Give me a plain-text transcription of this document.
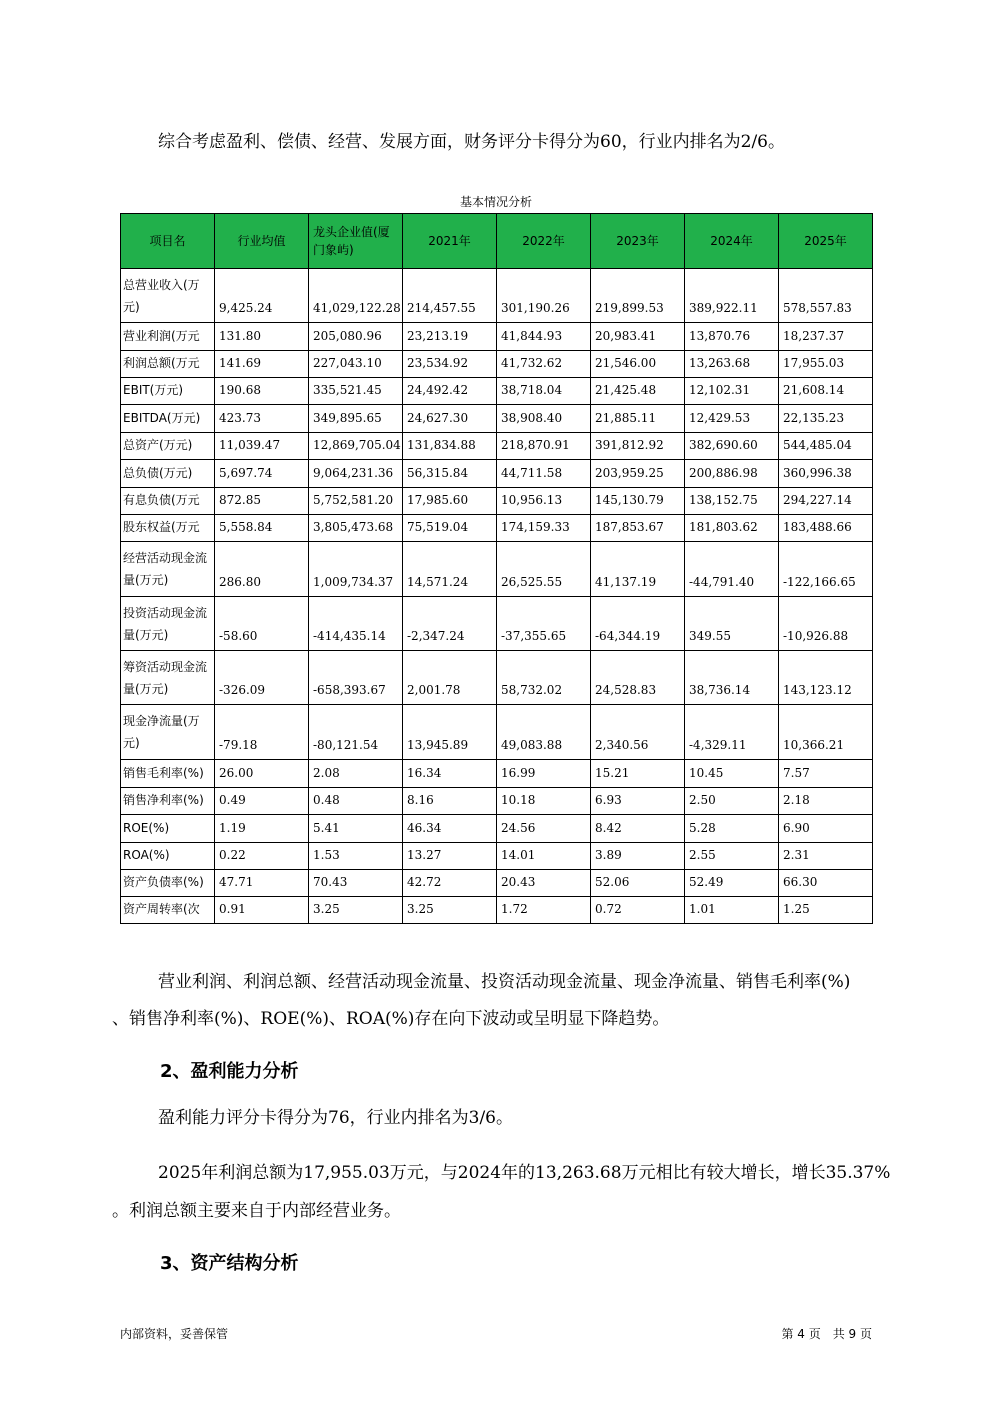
综合考虑盈利、偿债、经营、发展方面，财务评分卡得分为60，行业内排名为2/6。
基本情况分析
项目名	行业均值	龙头企业值(厦门象屿)	2021年	2022年	2023年	2024年	2025年
总营业收入(万元)	9,425.24	41,029,122.28	214,457.55	301,190.26	219,899.53	389,922.11	578,557.83
营业利润(万元	131.80	205,080.96	23,213.19	41,844.93	20,983.41	13,870.76	18,237.37
利润总额(万元	141.69	227,043.10	23,534.92	41,732.62	21,546.00	13,263.68	17,955.03
EBIT(万元)	190.68	335,521.45	24,492.42	38,718.04	21,425.48	12,102.31	21,608.14
EBITDA(万元)	423.73	349,895.65	24,627.30	38,908.40	21,885.11	12,429.53	22,135.23
总资产(万元)	11,039.47	12,869,705.04	131,834.88	218,870.91	391,812.92	382,690.60	544,485.04
总负债(万元)	5,697.74	9,064,231.36	56,315.84	44,711.58	203,959.25	200,886.98	360,996.38
有息负债(万元	872.85	5,752,581.20	17,985.60	10,956.13	145,130.79	138,152.75	294,227.14
股东权益(万元	5,558.84	3,805,473.68	75,519.04	174,159.33	187,853.67	181,803.62	183,488.66
经营活动现金流量(万元)	286.80	1,009,734.37	14,571.24	26,525.55	41,137.19	-44,791.40	-122,166.65
投资活动现金流量(万元)	-58.60	-414,435.14	-2,347.24	-37,355.65	-64,344.19	349.55	-10,926.88
筹资活动现金流量(万元)	-326.09	-658,393.67	2,001.78	58,732.02	24,528.83	38,736.14	143,123.12
现金净流量(万元)	-79.18	-80,121.54	13,945.89	49,083.88	2,340.56	-4,329.11	10,366.21
销售毛利率(%)	26.00	2.08	16.34	16.99	15.21	10.45	7.57
销售净利率(%)	0.49	0.48	8.16	10.18	6.93	2.50	2.18
ROE(%)	1.19	5.41	46.34	24.56	8.42	5.28	6.90
ROA(%)	0.22	1.53	13.27	14.01	3.89	2.55	2.31
资产负债率(%)	47.71	70.43	42.72	20.43	52.06	52.49	66.30
资产周转率(次	0.91	3.25	3.25	1.72	0.72	1.01	1.25
营业利润、利润总额、经营活动现金流量、投资活动现金流量、现金净流量、销售毛利率(%)
、销售净利率(%)、ROE(%)、ROA(%)存在向下波动或呈明显下降趋势。
2、盈利能力分析
盈利能力评分卡得分为76，行业内排名为3/6。
2025年利润总额为17,955.03万元，与2024年的13,263.68万元相比有较大增长，增长35.37%
。利润总额主要来自于内部经营业务。
3、资产结构分析
内部资料，妥善保管	第 4 页　共 9 页
